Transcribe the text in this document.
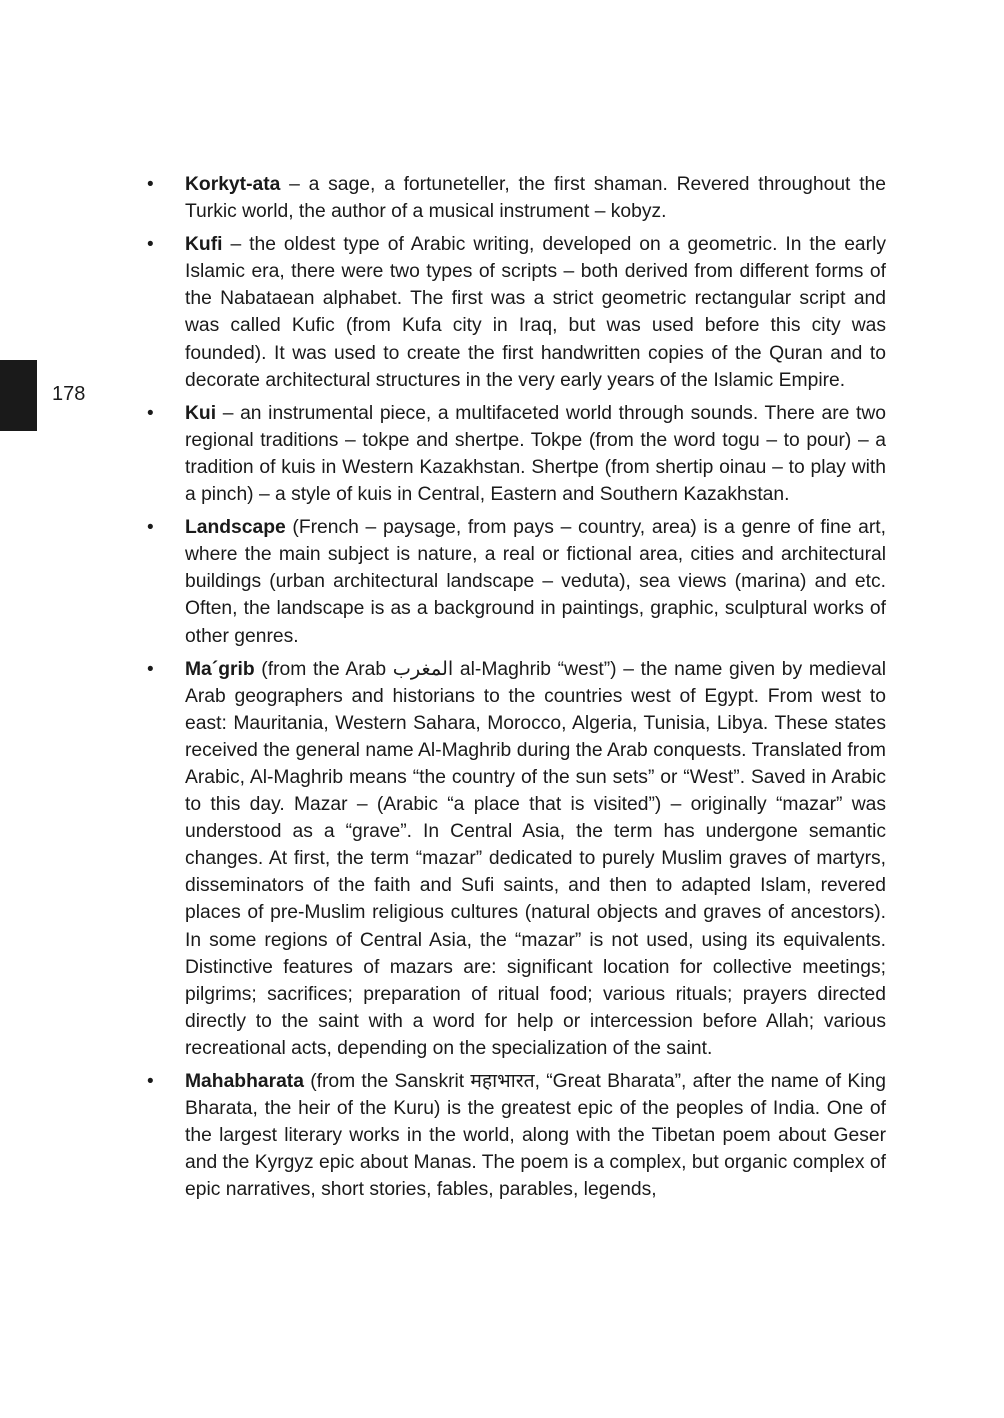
178
• Korkyt-ata – a sage, a fortuneteller, the first shaman. Revered throughout the Turkic world, the author of a musical instrument – kobyz.
• Kufi – the oldest type of Arabic writing, developed on a geometric. In the early Islamic era, there were two types of scripts – both derived from different forms of the Nabataean alphabet. The first was a strict geometric rectangular script and was called Kufic (from Kufa city in Iraq, but was used before this city was founded). It was used to create the first handwritten copies of the Quran and to decorate architectural structures in the very early years of the Islamic Empire.
• Kui – an instrumental piece, a multifaceted world through sounds. There are two regional traditions – tokpe and shertpe. Tokpe (from the word togu – to pour) – a tradition of kuis in Western Kazakhstan. Shertpe (from shertip oinau – to play with a pinch) – a style of kuis in Central, Eastern and Southern Kazakhstan.
• Landscape (French – paysage, from pays – country, area) is a genre of fine art, where the main subject is nature, a real or fictional area, cities and architectural buildings (urban architectural landscape – veduta), sea views (marina) and etc. Often, the landscape is as a background in paintings, graphic, sculptural works of other genres.
• Ma´grib (from the Arab المغرب al-Maghrib “west”) – the name given by medieval Arab geographers and historians to the countries west of Egypt. From west to east: Mauritania, Western Sahara, Morocco, Algeria, Tunisia, Libya. These states received the general name Al-Maghrib during the Arab conquests. Translated from Arabic, Al-Maghrib means “the country of the sun sets” or “West”. Saved in Arabic to this day. Mazar – (Arabic “a place that is visited”) – originally “mazar” was understood as a “grave”. In Central Asia, the term has undergone semantic changes. At first, the term “mazar” dedicated to purely Muslim graves of martyrs, disseminators of the faith and Sufi saints, and then to adapted Islam, revered places of pre-Muslim religious cultures (natural objects and graves of ancestors). In some regions of Central Asia, the “mazar” is not used, using its equivalents. Distinctive features of mazars are: significant location for collective meetings; pilgrims; sacrifices; preparation of ritual food; various rituals; prayers directed directly to the saint with a word for help or intercession before Allah; various recreational acts, depending on the specialization of the saint.
• Mahabharata (from the Sanskrit महाभारत, “Great Bharata”, after the name of King Bharata, the heir of the Kuru) is the greatest epic of the peoples of India. One of the largest literary works in the world, along with the Tibetan poem about Geser and the Kyrgyz epic about Manas. The poem is a complex, but organic complex of epic narratives, short stories, fables, parables, legends,
